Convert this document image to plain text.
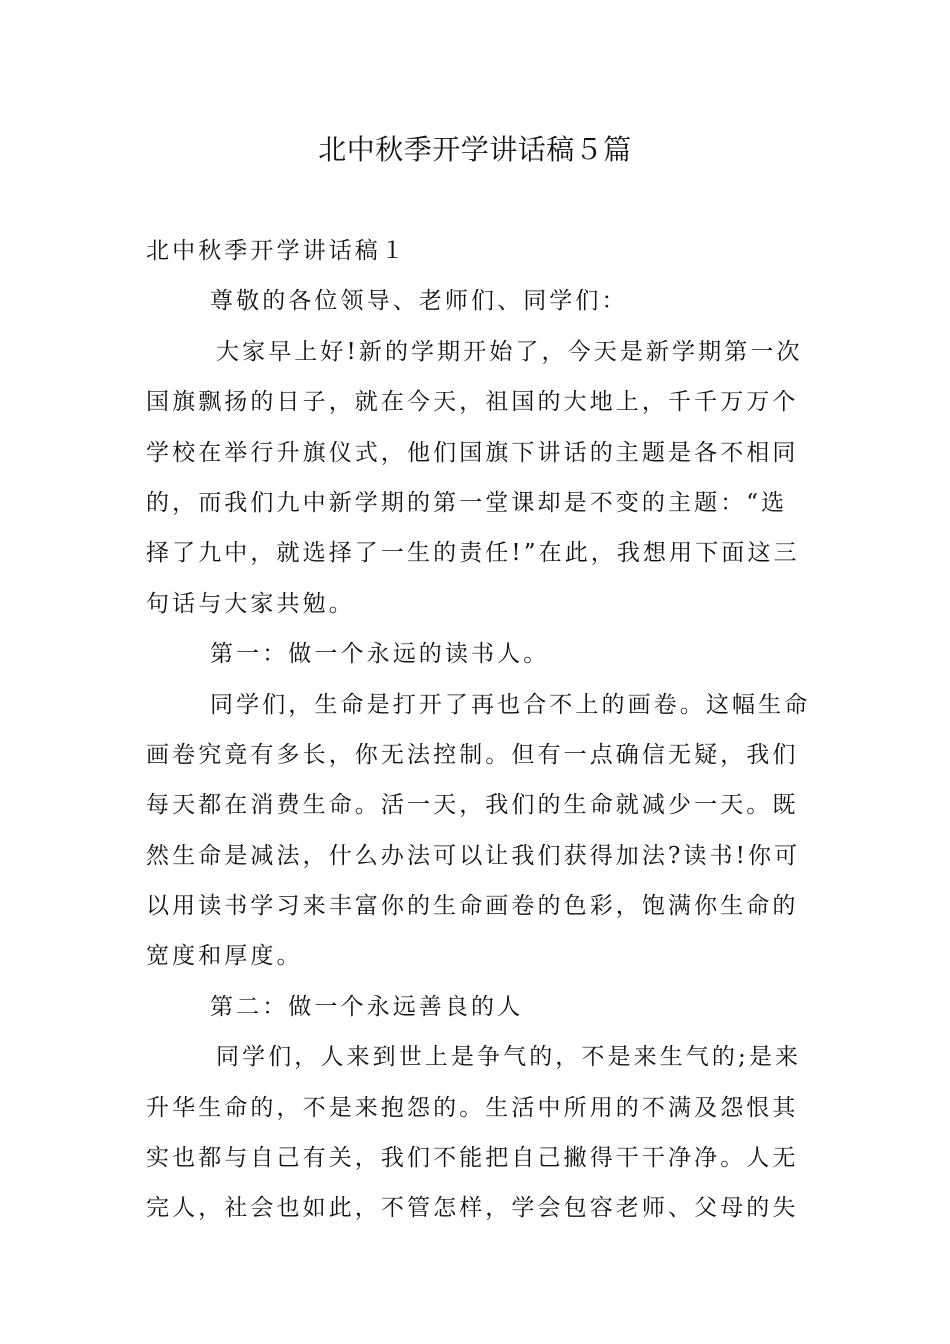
北中秋季开学讲话稿５篇
北中秋季开学讲话稿１
尊敬的各位领导、老师们、同学们：
大家早上好!新的学期开始了，今天是新学期第一次
国旗飘扬的日子，就在今天，祖国的大地上，千千万万个
学校在举行升旗仪式，他们国旗下讲话的主题是各不相同
的，而我们九中新学期的第一堂课却是不变的主题：“选
择了九中，就选择了一生的责任!”在此，我想用下面这三
句话与大家共勉。
第一：做一个永远的读书人。
同学们，生命是打开了再也合不上的画卷。这幅生命
画卷究竟有多长，你无法控制。但有一点确信无疑，我们
每天都在消费生命。活一天，我们的生命就减少一天。既
然生命是减法，什么办法可以让我们获得加法?读书!你可
以用读书学习来丰富你的生命画卷的色彩，饱满你生命的
宽度和厚度。
第二：做一个永远善良的人
同学们，人来到世上是争气的，不是来生气的;是来
升华生命的，不是来抱怨的。生活中所用的不满及怨恨其
实也都与自己有关，我们不能把自己撇得干干净净。人无
完人，社会也如此，不管怎样，学会包容老师、父母的失
